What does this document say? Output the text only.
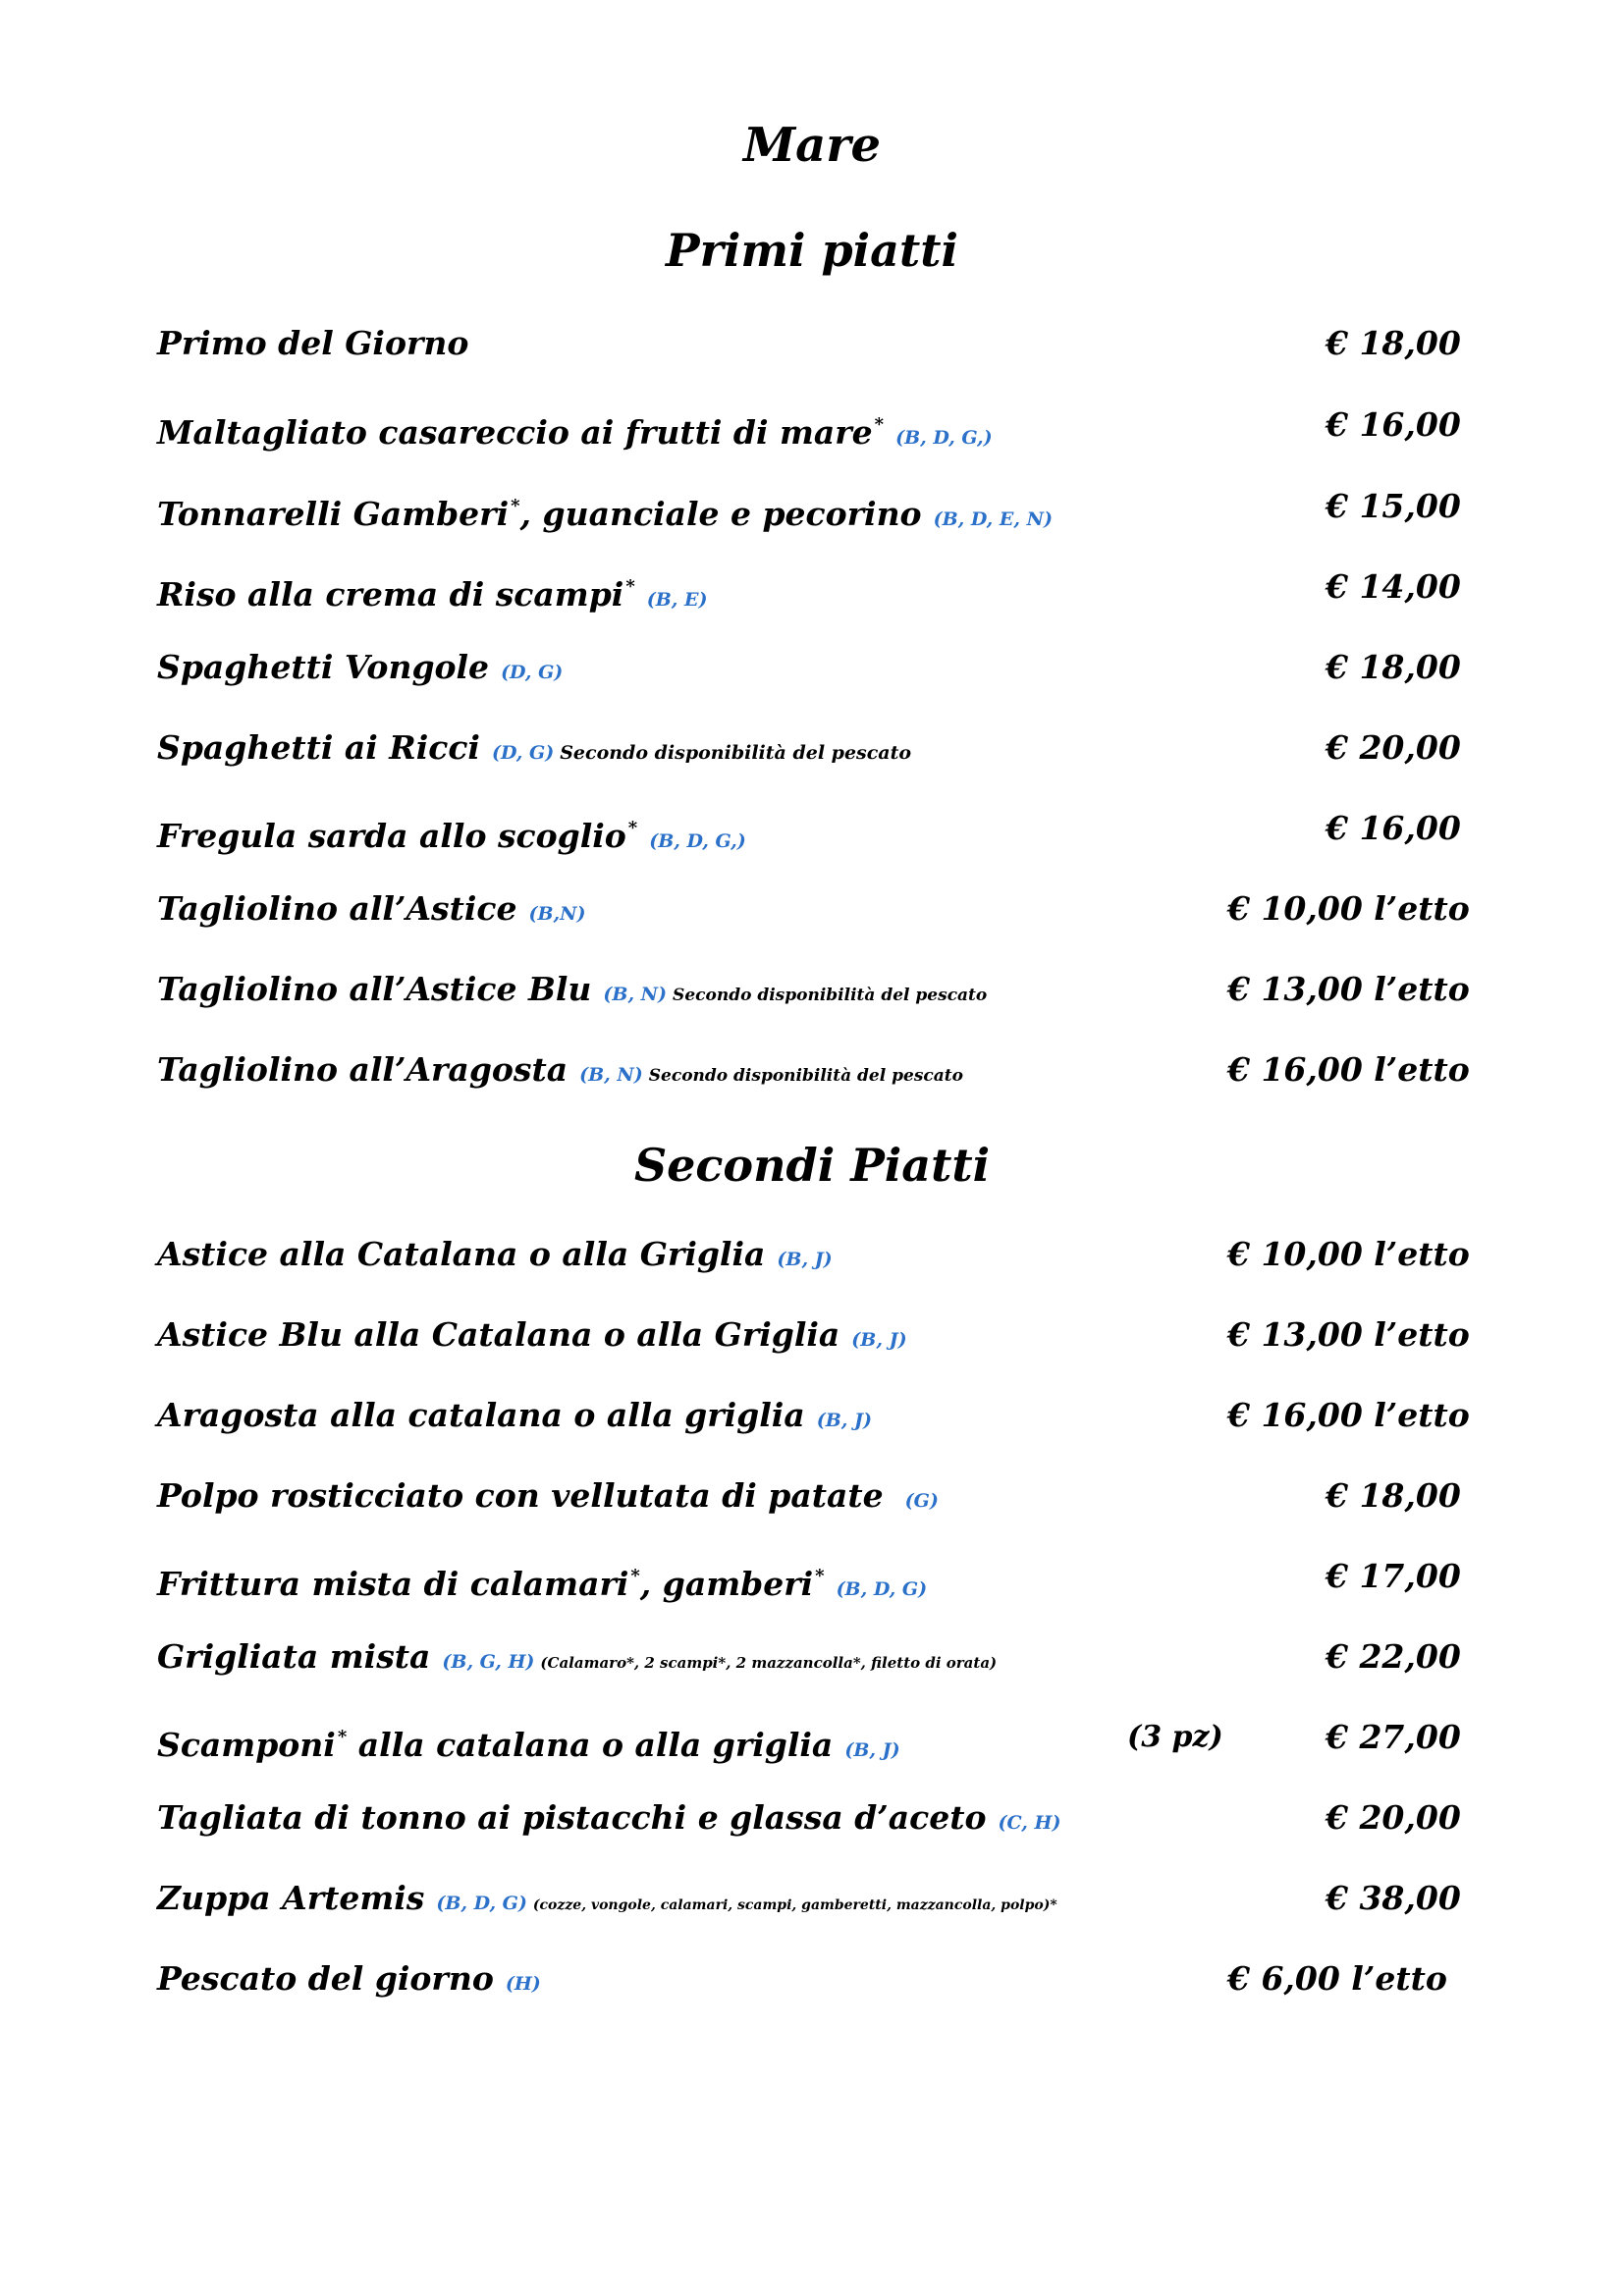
Mare
Primi piatti
Primo del Giorno	€ 18,00
Maltagliato casareccio ai frutti di mare *(B, D, G,)	€ 16,00
Tonnarelli Gamberi *, guanciale e pecorino (B, D, E, N)	€ 15,00
Riso alla crema di scampi *(B, E)	€ 14,00
Spaghetti Vongole (D, G)	€ 18,00
Spaghetti ai Ricci (D, G) Secondo disponibilità del pescato	€ 20,00
Fregula sarda allo scoglio *(B, D, G,)	€ 16,00
Tagliolino all’Astice (B,N)	€ 10,00 l’etto
Tagliolino all’Astice Blu (B, N) Secondo disponibilità del pescato	€ 13,00 l’etto
Tagliolino all’Aragosta (B, N) Secondo disponibilità del pescato	€ 16,00 l’etto
Secondi Piatti
Astice alla Catalana o alla Griglia (B, J)	€ 10,00 l’etto
Astice Blu alla Catalana o alla Griglia (B, J)	€ 13,00 l’etto
Aragosta alla catalana o alla griglia (B, J)	€ 16,00 l’etto
Polpo rosticciato con vellutata di patate (G)	€ 18,00
Frittura mista di calamari *, gamberi *(B, D, G)	€ 17,00
Grigliata mista (B, G, H) (Calamaro*, 2 scampi*, 2 mazzancolla*, filetto di orata)	€ 22,00
Scamponi * alla catalana o alla griglia (B, J)	(3 pz)	€ 27,00
Tagliata di tonno ai pistacchi e glassa d’aceto (C, H)	€ 20,00
Zuppa Artemis (B, D, G) (cozze, vongole, calamari, scampi, gamberetti, mazzancolla, polpo)*	€ 38,00
Pescato del giorno (H)	€ 6,00 l’etto
